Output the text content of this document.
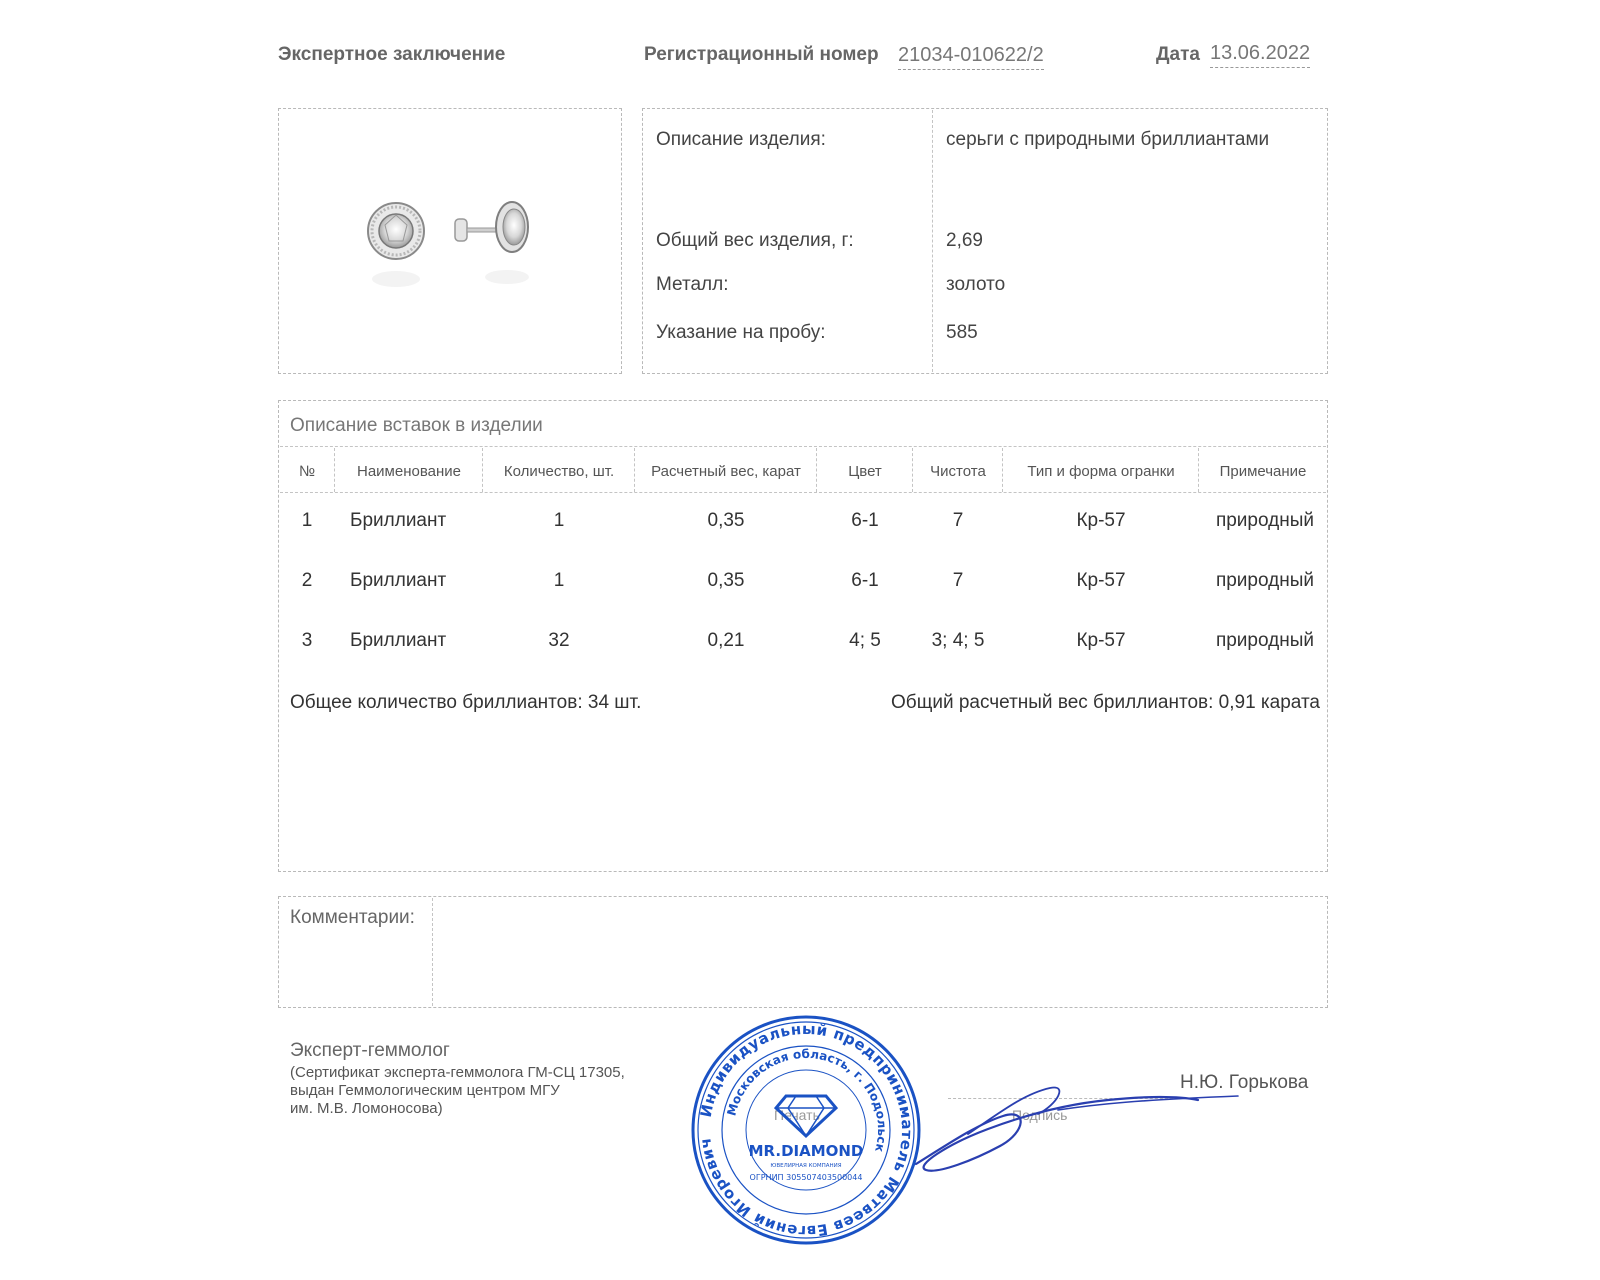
Экспертное заключение	Регистрационный номер 21034-010622/2	Дата 13.06.2022
Описание изделия:	серьги с природными бриллиантами
Общий вес изделия, г:	2,69
Металл:	золото
Указание на пробу:	585
Описание вставок в изделии
№	Наименование	Количество, шт.	Расчетный вес, карат	Цвет	Чистота	Тип и форма огранки	Примечание
1	Бриллиант	1	0,35	6-1	7	Кр-57	природный
2	Бриллиант	1	0,35	6-1	7	Кр-57	природный
3	Бриллиант	32	0,21	4; 5	3; 4; 5	Кр-57	природный
Общее количество бриллиантов: 34 шт.	Общий расчетный вес бриллиантов: 0,91 карата
Комментарии:
Эксперт-геммолог
(Сертификат эксперта-геммолога ГМ-СЦ 17305,
выдан Геммологическим центром МГУ
им. М.В. Ломоносова)	Печать	Подпись
Н.Ю. Горькова
Индивидуальный предприниматель Матвеев Евгений Игоревич
Московская область, г. Подольск
MR.DIAMOND
ЮВЕЛИРНАЯ КОМПАНИЯ
ОГРНИП 305507403500044
